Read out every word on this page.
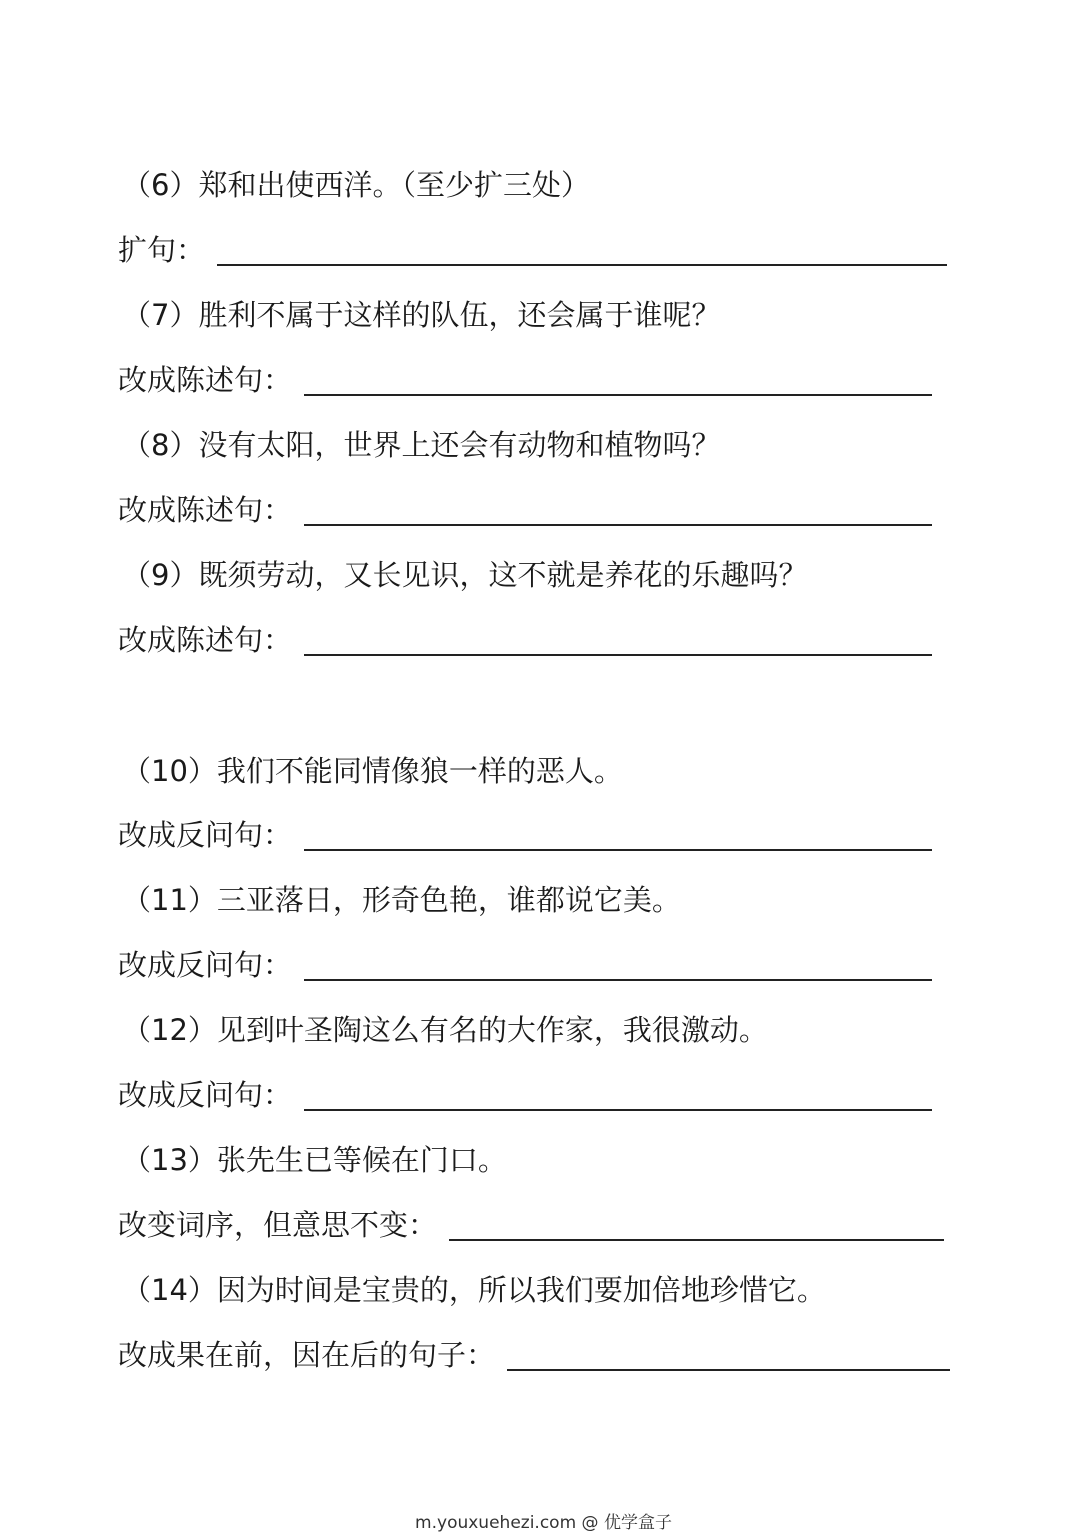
（6）郑和出使西洋。（至少扩三处）
扩句：
（7）胜利不属于这样的队伍，还会属于谁呢？
改成陈述句：
（8）没有太阳，世界上还会有动物和植物吗？
改成陈述句：
（9）既须劳动，又长见识，这不就是养花的乐趣吗？
改成陈述句：
（10）我们不能同情像狼一样的恶人。
改成反问句：
（11）三亚落日，形奇色艳，谁都说它美。
改成反问句：
（12）见到叶圣陶这么有名的大作家，我很激动。
改成反问句：
（13）张先生已等候在门口。
改变词序，但意思不变：
（14）因为时间是宝贵的，所以我们要加倍地珍惜它。
改成果在前，因在后的句子：
m.youxuehezi.com @ 优学盒子
